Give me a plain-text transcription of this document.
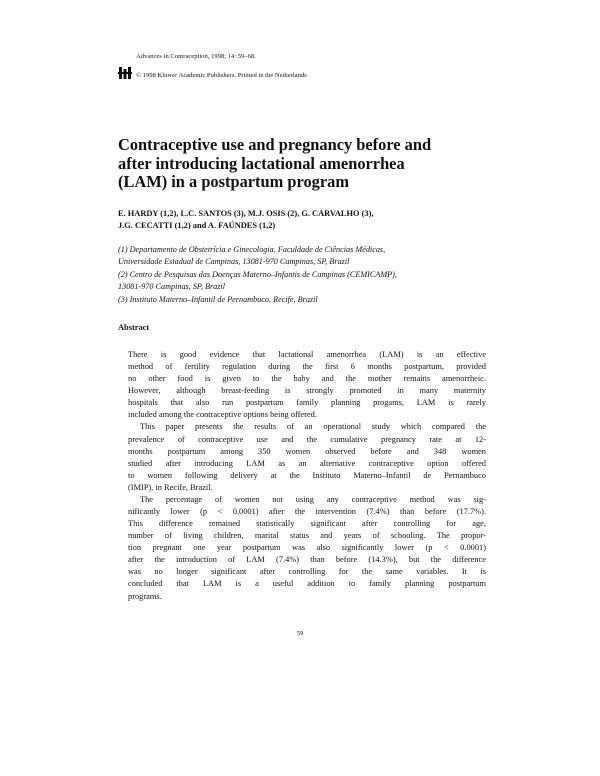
Advances in Contraception, 1998; 14: 59–68.
© 1998 Kluwer Academic Publishers. Printed in the Netherlands
Contraceptive use and pregnancy before and
after introducing lactational amenorrhea
(LAM) in a postpartum program
E. HARDY (1,2), L.C. SANTOS (3), M.J. OSIS (2), G. CARVALHO (3),
J.G. CECATTI (1,2) and A. FAÚNDES (1,2)
(1) Departamento de Obstetrícia e Ginecologia, Faculdade de Ciências Médicas,
Universidade Estadual de Campinas, 13081-970 Campinas, SP, Brazil
(2) Centro de Pesquisas das Doenças Materno–Infantis de Campinas (CEMICAMP),
13081-970 Campinas, SP, Brazil
(3) Instituto Materno–Infantil de Pernambuco, Recife, Brazil
Abstract
There is good evidence that lactational amenorrhea (LAM) is an effective
method of fertility regulation during the first 6 months postpartum, provided
no other food is given to the baby and the mother remains amenorrheic.
However, although breast-feeding is strongly promoted in many maternity
hospitals that also run postpartum family planning progams, LAM is rarely
included among the contraceptive options being offered.
This paper presents the results of an operational study which compared the
prevalence of contraceptive use and the cumulative pregnancy rate at 12-
months postpartum among 350 women observed before and 348 women
studied after introducing LAM as an alternative contraceptive option offered
to women following delivery at the Instituto Materno–Infantil de Pernambuco
(IMIP), in Recife, Brazil.
The percentage of women not using any contraceptive method was sig-
nificantly lower (p < 0.0001) after the intervention (7.4%) than before (17.7%).
This difference remained statistically significant after controlling for age,
number of living children, marital status and years of schooling. The propor-
tion pregnant one year postpartum was also significantly lower (p < 0.0001)
after the introduction of LAM (7.4%) than before (14.3%), but the difference
was no longer significant after controlling for the same variables. It is
concluded that LAM is a useful addition to family planning postpartum
programs.
59
